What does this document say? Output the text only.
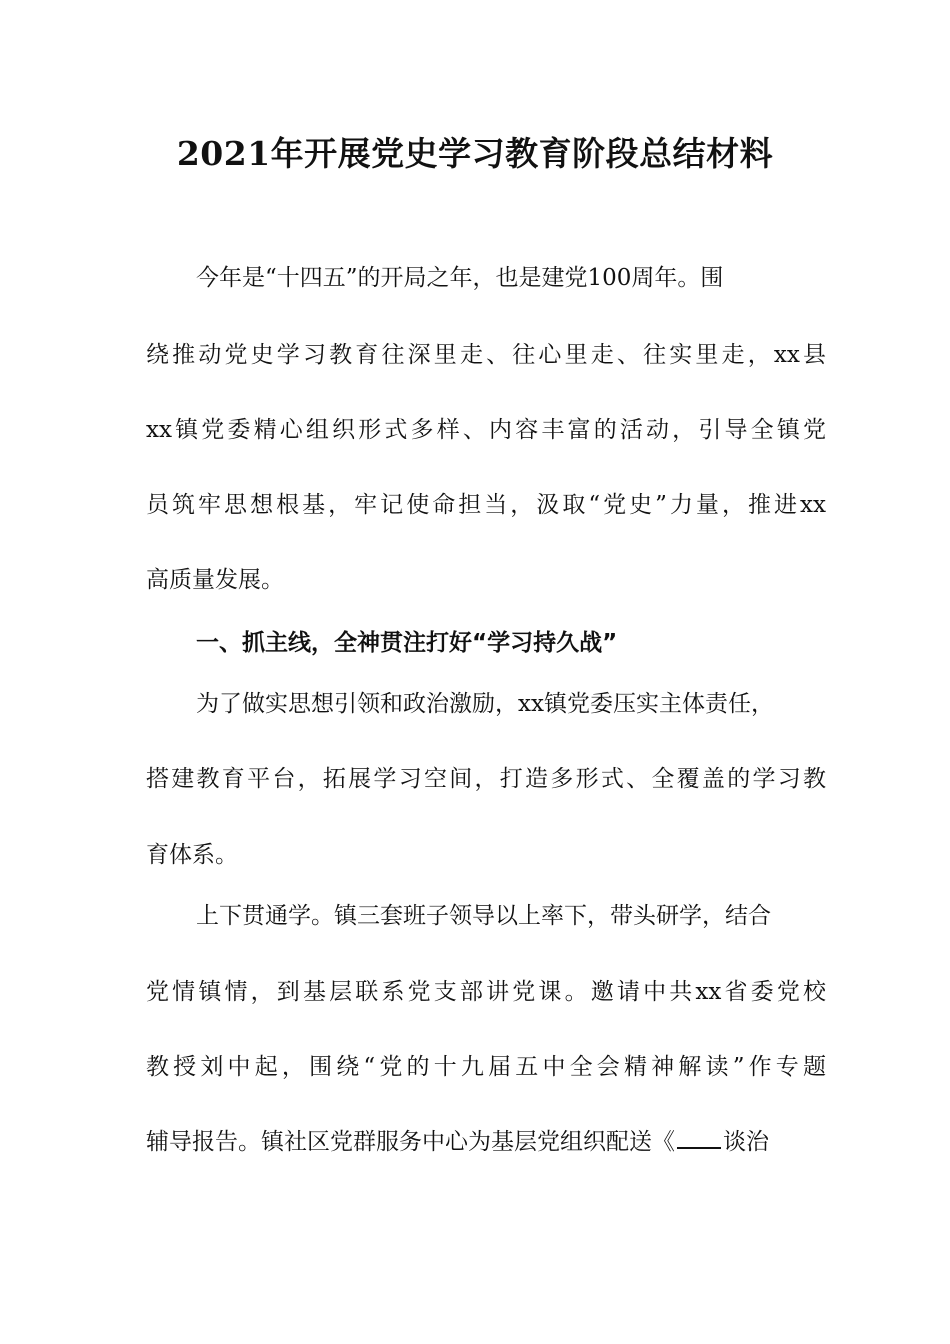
2021年开展党史学习教育阶段总结材料
今年是“十四五”的开局之年，也是建党100周年。围
绕推动党史学习教育往深里走、往心里走、往实里走，xx县
xx镇党委精心组织形式多样、内容丰富的活动，引导全镇党
员筑牢思想根基，牢记使命担当，汲取“党史”力量，推进xx
高质量发展。
一、抓主线，全神贯注打好“学习持久战”
为了做实思想引领和政治激励，xx镇党委压实主体责任，
搭建教育平台，拓展学习空间，打造多形式、全覆盖的学习教
育体系。
上下贯通学。镇三套班子领导以上率下，带头研学，结合
党情镇情，到基层联系党支部讲党课。邀请中共xx省委党校
教授刘中起，围绕“党的十九届五中全会精神解读”作专题
辅导报告。镇社区党群服务中心为基层党组织配送《 谈治
